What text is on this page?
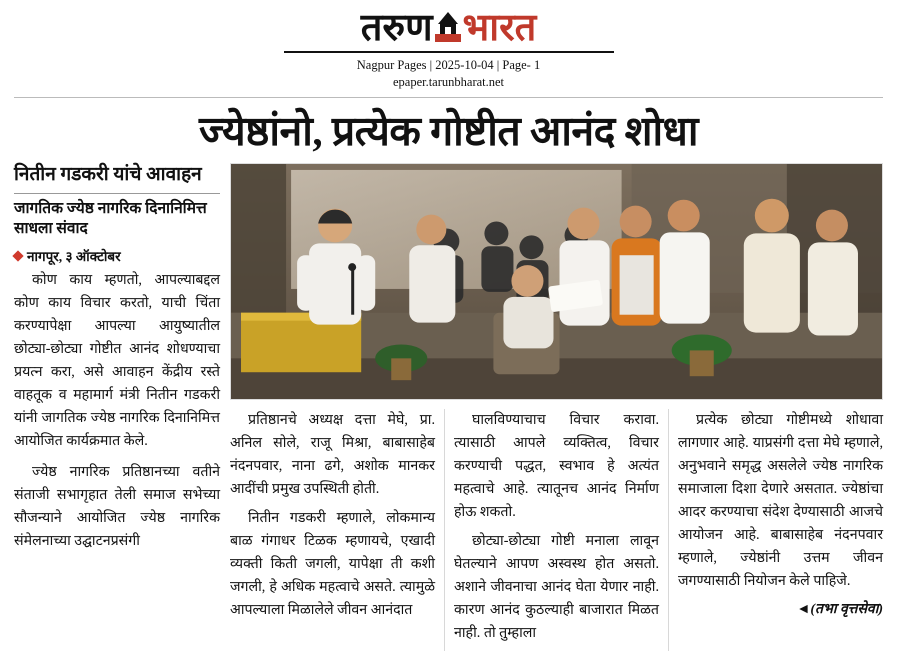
तरुण भारत
Nagpur Pages | 2025-10-04 | Page- 1
epaper.tarunbharat.net
ज्येष्ठांनो, प्रत्येक गोष्टीत आनंद शोधा
नितीन गडकरी यांचे आवाहन
जागतिक ज्येष्ठ नागरिक दिनानिमित्त साधला संवाद
नागपूर, ३ ऑक्टोबर

कोण काय म्हणतो, आपल्याबद्दल कोण काय विचार करतो, याची चिंता करण्यापेक्षा आपल्या आयुष्यातील छोट्या-छोट्या गोष्टीत आनंद शोधण्याचा प्रयत्न करा, असे आवाहन केंद्रीय रस्ते वाहतूक व महामार्ग मंत्री नितीन गडकरी यांनी जागतिक ज्येष्ठ नागरिक दिनानिमित्त आयोजित कार्यक्रमात केले.

ज्येष्ठ नागरिक प्रतिष्ठानच्या वतीने संताजी सभागृहात तेली समाज सभेच्या सौजन्याने आयोजित ज्येष्ठ नागरिक संमेलनाच्या उद्घाटनप्रसंगी

प्रतिष्ठानचे अध्यक्ष दत्ता मेघे, प्रा. अनिल सोले, राजू मिश्रा, बाबासाहेब नंदनपवार, नाना ढगे, अशोक मानकर आदींची प्रमुख उपस्थिती होती.

नितीन गडकरी म्हणाले, लोकमान्य बाळ गंगाधर टिळक म्हणायचे, एखादी व्यक्ती किती जगली, यापेक्षा ती कशी जगली, हे अधिक महत्वाचे असते. त्यामुळे आपल्याला मिळालेले जीवन आनंदात

घालविण्याचाच विचार करावा. त्यासाठी आपले व्यक्तित्व, विचार करण्याची पद्धत, स्वभाव हे अत्यंत महत्वाचे आहे. त्यातूनच आनंद निर्माण होऊ शकतो.

छोट्या-छोट्या गोष्टी मनाला लावून घेतल्याने आपण अस्वस्थ होत असतो. अशाने जीवनाचा आनंद घेता येणार नाही. कारण आनंद कुठल्याही बाजारात मिळत नाही. तो तुम्हाला

प्रत्येक छोट्या गोष्टीमध्ये शोधावा लागणार आहे. याप्रसंगी दत्ता मेघे म्हणाले, अनुभवाने समृद्ध असलेले ज्येष्ठ नागरिक समाजाला दिशा देणारे असतात. ज्येष्ठांचा आदर करण्याचा संदेश देण्यासाठी आजचे आयोजन आहे. बाबासाहेब नंदनपवार म्हणाले, ज्येष्ठांनी उत्तम जीवन जगण्यासाठी नियोजन केले पाहिजे.

◄(तभा वृत्तसेवा)
